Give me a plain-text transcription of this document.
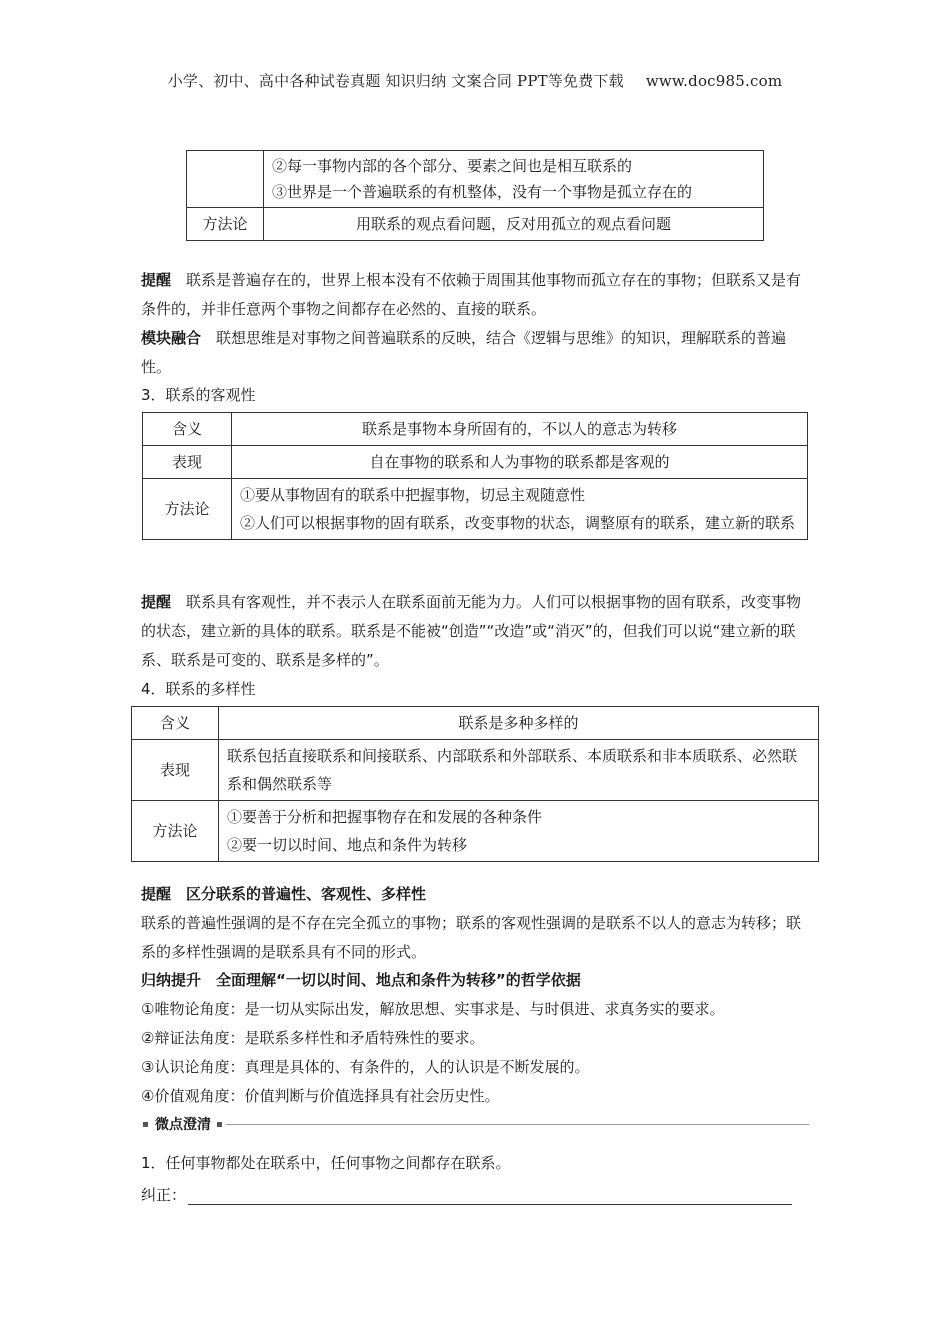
小学、初中、高中各种试卷真题 知识归纳 文案合同 PPT等免费下载 www.doc985.com

	②每一事物内部的各个部分、要素之间也是相互联系的
③世界是一个普遍联系的有机整体，没有一个事物是孤立存在的

方法论	用联系的观点看问题，反对用孤立的观点看问题
提醒　 联系是普遍存在的，世界上根本没有不依赖于周围其他事物而孤立存在的事物；但联系又是有条件的，并非任意两个事物之间都存在必然的、直接的联系。
模块融合　 联想思维是对事物之间普遍联系的反映，结合《逻辑与思维》的知识，理解联系的普遍性。
3．联系的客观性
含义	联系是事物本身所固有的，不以人的意志为转移
表现	自在事物的联系和人为事物的联系都是客观的
方法论	①要从事物固有的联系中把握事物，切忌主观随意性
②人们可以根据事物的固有联系，改变事物的状态，调整原有的联系，建立新的联系
提醒　 联系具有客观性，并不表示人在联系面前无能为力。人们可以根据事物的固有联系，改变事物的状态，建立新的具体的联系。联系是不能被“创造”“改造”或“消灭”的，但我们可以说“建立新的联系、联系是可变的、联系是多样的”。
4．联系的多样性
含义	联系是多种多样的
表现	联系包括直接联系和间接联系、内部联系和外部联系、本质联系和非本质联系、必然联系和偶然联系等
方法论	①要善于分析和把握事物存在和发展的各种条件
②要一切以时间、地点和条件为转移
提醒　区分联系的普遍性、客观性、多样性
联系的普遍性强调的是不存在完全孤立的事物；联系的客观性强调的是联系不以人的意志为转移；联系的多样性强调的是联系具有不同的形式。
归纳提升　全面理解“一切以时间、地点和条件为转移”的哲学依据
①唯物论角度：是一切从实际出发，解放思想、实事求是、与时俱进、求真务实的要求。
②辩证法角度：是联系多样性和矛盾特殊性的要求。
③认识论角度：真理是具体的、有条件的，人的认识是不断发展的。
④价值观角度：价值判断与价值选择具有社会历史性。
微点澄清
1．任何事物都处在联系中，任何事物之间都存在联系。
纠正：
